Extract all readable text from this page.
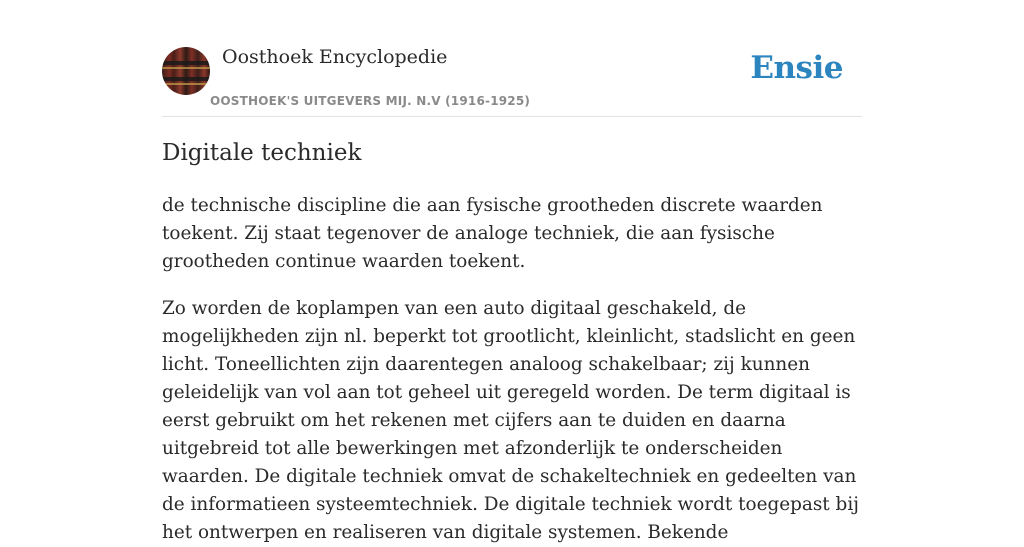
Oosthoek Encyclopedie
OOSTHOEK'S UITGEVERS MIJ. N.V (1916-1925)
Ensie
Digitale techniek

de technische discipline die aan fysische grootheden discrete waarden toekent. Zij staat tegenover de analoge techniek, die aan fysische grootheden continue waarden toekent.

Zo worden de koplampen van een auto digitaal geschakeld, de mogelijkheden zijn nl. beperkt tot grootlicht, kleinlicht, stadslicht en geen licht. Toneellichten zijn daarentegen analoog schakelbaar; zij kunnen geleidelijk van vol aan tot geheel uit geregeld worden. De term digitaal is eerst gebruikt om het rekenen met cijfers aan te duiden en daarna uitgebreid tot alle bewerkingen met afzonderlijk te onderscheiden waarden. De digitale techniek omvat de schakeltechniek en gedeelten van de informatieen systeemtechniek. De digitale techniek wordt toegepast bij het ontwerpen en realiseren van digitale systemen. Bekende
